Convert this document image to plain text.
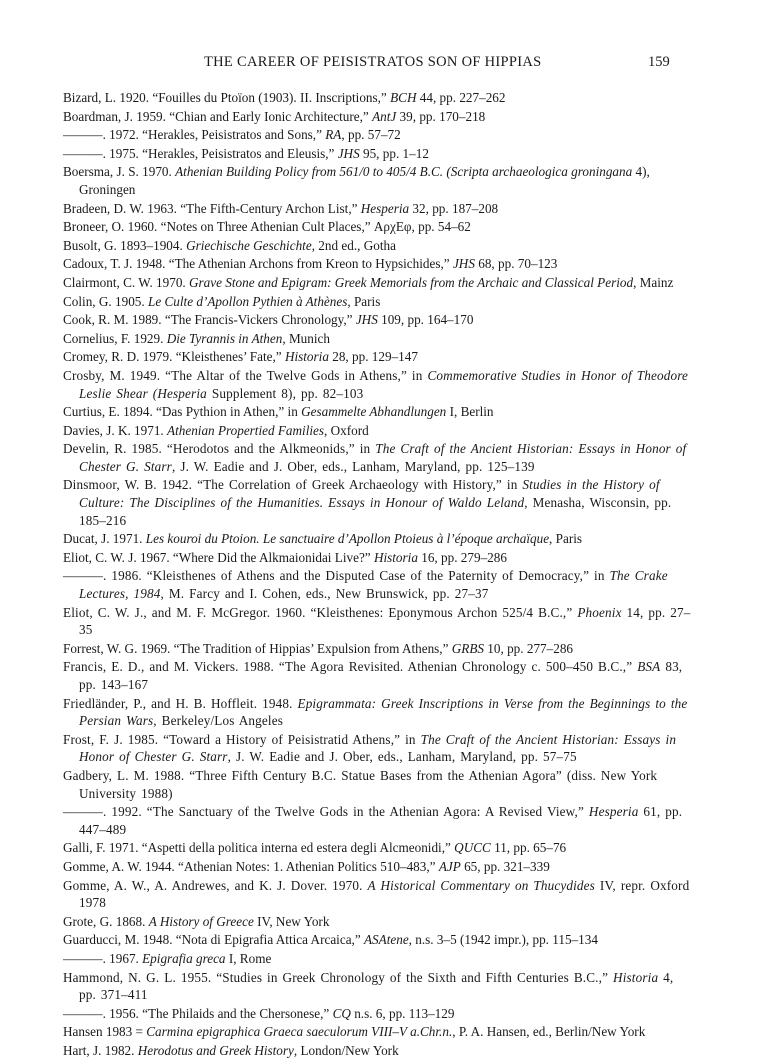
THE CAREER OF PEISISTRATOS SON OF HIPPIAS	159
Bizard, L. 1920. “Fouilles du Ptoïon (1903). II. Inscriptions,” BCH 44, pp. 227–262
Boardman, J. 1959. “Chian and Early Ionic Architecture,” AntJ 39, pp. 170–218
———. 1972. “Herakles, Peisistratos and Sons,” RA, pp. 57–72
———. 1975. “Herakles, Peisistratos and Eleusis,” JHS 95, pp. 1–12
Boersma, J. S. 1970. Athenian Building Policy from 561/0 to 405/4 B.C. (Scripta archaeologica groningana 4), Groningen
Bradeen, D. W. 1963. “The Fifth-Century Archon List,” Hesperia 32, pp. 187–208
Broneer, O. 1960. “Notes on Three Athenian Cult Places,” ΑρχΕφ, pp. 54–62
Busolt, G. 1893–1904. Griechische Geschichte, 2nd ed., Gotha
Cadoux, T. J. 1948. “The Athenian Archons from Kreon to Hypsichides,” JHS 68, pp. 70–123
Clairmont, C. W. 1970. Grave Stone and Epigram: Greek Memorials from the Archaic and Classical Period, Mainz
Colin, G. 1905. Le Culte d’Apollon Pythien à Athènes, Paris
Cook, R. M. 1989. “The Francis-Vickers Chronology,” JHS 109, pp. 164–170
Cornelius, F. 1929. Die Tyrannis in Athen, Munich
Cromey, R. D. 1979. “Kleisthenes’ Fate,” Historia 28, pp. 129–147
Crosby, M. 1949. “The Altar of the Twelve Gods in Athens,” in Commemorative Studies in Honor of Theodore Leslie Shear (Hesperia Supplement 8), pp. 82–103
Curtius, E. 1894. “Das Pythion in Athen,” in Gesammelte Abhandlungen I, Berlin
Davies, J. K. 1971. Athenian Propertied Families, Oxford
Develin, R. 1985. “Herodotos and the Alkmeonids,” in The Craft of the Ancient Historian: Essays in Honor of Chester G. Starr, J. W. Eadie and J. Ober, eds., Lanham, Maryland, pp. 125–139
Dinsmoor, W. B. 1942. “The Correlation of Greek Archaeology with History,” in Studies in the History of Culture: The Disciplines of the Humanities. Essays in Honour of Waldo Leland, Menasha, Wisconsin, pp. 185–216
Ducat, J. 1971. Les kouroi du Ptoion. Le sanctuaire d’Apollon Ptoieus à l’époque archaïque, Paris
Eliot, C. W. J. 1967. “Where Did the Alkmaionidai Live?” Historia 16, pp. 279–286
———. 1986. “Kleisthenes of Athens and the Disputed Case of the Paternity of Democracy,” in The Crake Lectures, 1984, M. Farcy and I. Cohen, eds., New Brunswick, pp. 27–37
Eliot, C. W. J., and M. F. McGregor. 1960. “Kleisthenes: Eponymous Archon 525/4 B.C.,” Phoenix 14, pp. 27–35
Forrest, W. G. 1969. “The Tradition of Hippias’ Expulsion from Athens,” GRBS 10, pp. 277–286
Francis, E. D., and M. Vickers. 1988. “The Agora Revisited. Athenian Chronology c. 500–450 B.C.,” BSA 83, pp. 143–167
Friedländer, P., and H. B. Hoffleit. 1948. Epigrammata: Greek Inscriptions in Verse from the Beginnings to the Persian Wars, Berkeley/Los Angeles
Frost, F. J. 1985. “Toward a History of Peisistratid Athens,” in The Craft of the Ancient Historian: Essays in Honor of Chester G. Starr, J. W. Eadie and J. Ober, eds., Lanham, Maryland, pp. 57–75
Gadbery, L. M. 1988. “Three Fifth Century B.C. Statue Bases from the Athenian Agora” (diss. New York University 1988)
———. 1992. “The Sanctuary of the Twelve Gods in the Athenian Agora: A Revised View,” Hesperia 61, pp. 447–489
Galli, F. 1971. “Aspetti della politica interna ed estera degli Alcmeonidi,” QUCC 11, pp. 65–76
Gomme, A. W. 1944. “Athenian Notes: 1. Athenian Politics 510–483,” AJP 65, pp. 321–339
Gomme, A. W., A. Andrewes, and K. J. Dover. 1970. A Historical Commentary on Thucydides IV, repr. Oxford 1978
Grote, G. 1868. A History of Greece IV, New York
Guarducci, M. 1948. “Nota di Epigrafia Attica Arcaica,” ASAtene, n.s. 3–5 (1942 impr.), pp. 115–134
———. 1967. Epigrafia greca I, Rome
Hammond, N. G. L. 1955. “Studies in Greek Chronology of the Sixth and Fifth Centuries B.C.,” Historia 4, pp. 371–411
———. 1956. “The Philaids and the Chersonese,” CQ n.s. 6, pp. 113–129
Hansen 1983 = Carmina epigraphica Graeca saeculorum VIII–V a.Chr.n., P. A. Hansen, ed., Berlin/New York
Hart, J. 1982. Herodotus and Greek History, London/New York
